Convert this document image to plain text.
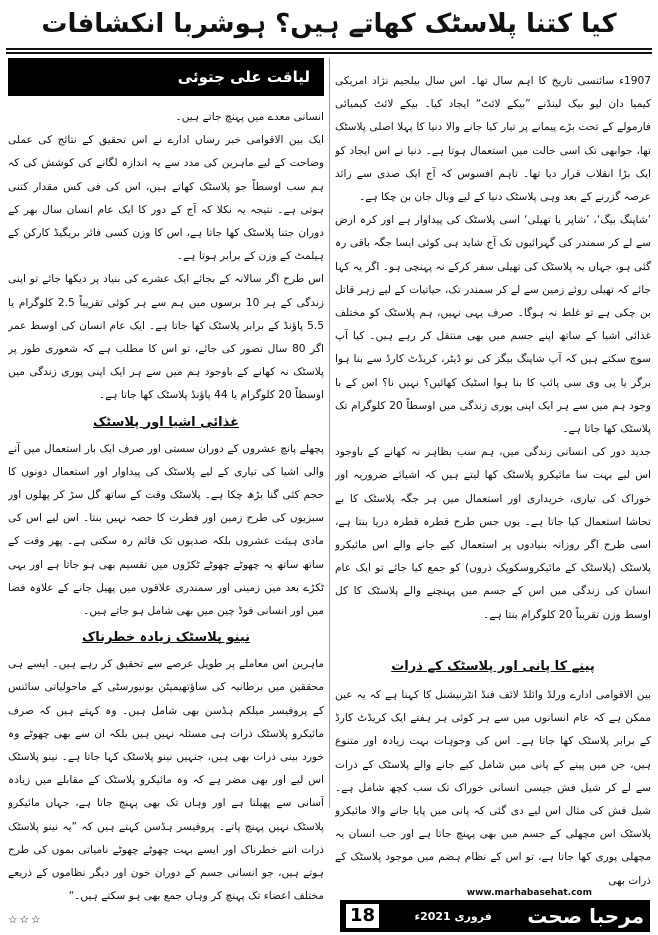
کیا کتنا پلاسٹک کھاتے ہیں؟ ہوشربا انکشافات

1907ء سائنسی تاریخ کا اہم سال تھا۔ اس سال بیلجیم نژاد امریکی کیمیا دان لیو بیک لینڈنے ”بیکے لائٹ“ ایجاد کیا۔ بیکے لائٹ کیمیائی فارمولے کے تحت بڑے پیمانے پر تیار کیا جانے والا دنیا کا پہلا اصلی پلاسٹک تھا، جوابھی تک اسی حالت میں استعمال ہوتا ہے۔ دنیا نے اس ایجاد کو ایک بڑا انقلاب قرار دیا تھا۔ تاہم افسوس کہ آج ایک صدی سے زائد عرصہ گزرنے کے بعد وہی پلاسٹک دنیا کے لیے وبال جان بن چکا ہے۔

’شاپنگ بیگ‘، ’شاپر یا تھیلی‘ اسی پلاسٹک کی پیداوار ہے اور کرہ ارض سے لے کر سمندر کی گہرائیوں تک آج شاید ہی کوئی ایسا جگہ باقی رہ گئی ہو، جہاں یہ پلاسٹک کی تھیلی سفر کرکے نہ پہنچی ہو۔ اگر یہ کہا جائے کہ تھیلی روئے زمین سے لے کر سمندر تک، حیاتیات کے لیے زہر قاتل بن چکی ہے تو غلط نہ ہوگا۔ صرف یہی نہیں، ہم پلاسٹک کو مختلف غذائی اشیا کے ساتھ اپنے جسم میں بھی منتقل کر رہے ہیں۔ کیا آپ سوچ سکتے ہیں کہ آپ شاپنگ بیگز کی نو ڈیٹر، کریڈٹ کارڈ سے بنا ہوا برگر یا پی وی سی پائپ کا بنا ہوا اسٹیک کھائیں؟ نہیں نا؟ اس کے با وجود ہم میں سے ہر ایک اپنی پوری زندگی میں اوسطاً 20 کلوگرام تک پلاسٹک کھا جاتا ہے۔

جدید دور کی انسانی زندگی میں، ہم سب بظاہر نہ کھانے کے باوجود اس لیے بہت سا مائیکرو پلاسٹک کھا لیتے ہیں کہ اشیائے ضروریہ اور خوراک کی تیاری، خریداری اور استعمال میں ہر جگہ پلاسٹک کا بے تحاشا استعمال کیا جاتا ہے۔ یوں جس طرح قطرہ قطرہ دریا بنتا ہے، اسی طرح اگر روزانہ بنیادوں پر استعمال کیے جانے والے اس مائیکرو پلاسٹک (پلاسٹک کے مائیکروسکوپک ذروں) کو جمع کیا جائے تو ایک عام انسان کی زندگی میں اس کے جسم میں پہنچنے والے پلاسٹک کا کل اوسط وزن تقریباً 20 کلوگرام بنتا ہے۔

پینے کا پانی اور پلاسٹک کے ذرات

بین الاقوامی ادارے ورلڈ وائلڈ لائف فنڈ انٹرنیشنل کا کہنا ہے کہ یہ عین ممکن ہے کہ عام انسانوں میں سے ہر کوئی ہر ہفتے ایک کریڈٹ کارڈ کے برابر پلاسٹک کھا جاتا ہے۔ اس کی وجوہات بہت زیادہ اور متنوع ہیں، جن میں پینے کے پانی میں شامل کیے جانے والے پلاسٹک کے ذرات سے لے کر شیل فش جیسی انسانی خوراک تک سب کچھ شامل ہے۔ شیل فش کی مثال اس لیے دی گئی کہ پانی میں پایا جانے والا مائیکرو پلاسٹک اس مچھلی کے جسم میں بھی پہنچ جاتا ہے اور جب انسان یہ مچھلی پوری کھا جاتا ہے، تو اس کے نظام ہضم میں موجود پلاسٹک کے ذرات بھی

لیاقت علی جتوئی

انسانی معدے میں پہنچ جاتے ہیں۔

ایک بین الاقوامی خبر رساں ادارے نے اس تحقیق کے نتائج کی عملی وضاحت کے لیے ماہرین کی مدد سے یہ اندازہ لگانے کی کوشش کی کہ ہم سب اوسطاً جو پلاسٹک کھاتے ہیں، اس کی فی کس مقدار کتنی ہوتی ہے۔ نتیجہ یہ نکلا کہ آج کے دور کا ایک عام انسان سال بھر کے دوران جتنا پلاسٹک کھا جاتا ہے، اس کا وزن کسی فائر بریگیڈ کارکن کے ہیلمٹ کے وزن کے برابر ہوتا ہے۔

اس طرح اگر سالانہ کے بجائے ایک عشرے کی بنیاد پر دیکھا جائے تو اپنی زندگی کے ہر 10 برسوں میں ہم سے ہر کوئی تقریباً 2.5 کلوگرام یا 5.5 پاؤنڈ کے برابر پلاسٹک کھا جاتا ہے۔ ایک عام انسان کی اوسط عمر اگر 80 سال تصور کی جائے، تو اس کا مطلب ہے کہ شعوری طور پر پلاسٹک نہ کھانے کے باوجود ہم میں سے ہر ایک اپنی پوری زندگی میں اوسطاً 20 کلوگرام یا 44 پاؤنڈ پلاسٹک کھا جاتا ہے۔

غذائی اشیا اور پلاسٹک

پچھلے پانچ عشروں کے دوران سستی اور صرف ایک بار استعمال میں آنے والی اشیا کی تیاری کے لیے پلاسٹک کی پیداوار اور استعمال دونوں کا حجم کئی گنا بڑھ چکا ہے۔ پلاسٹک وقت کے ساتھ گل سڑ کر پھلوں اور سبزیوں کی طرح زمین اور فطرت کا حصہ نہیں بنتا۔ اس لیے اس کی مادی ہیئت عشروں بلکہ صدیوں تک قائم رہ سکتی ہے۔ پھر وقت کے ساتھ ساتھ یہ چھوٹے چھوٹے ٹکڑوں میں تقسیم بھی ہو جاتا ہے اور یہی ٹکڑے بعد میں زمینی اور سمندری علاقوں میں پھیل جانے کے علاوہ فضا میں اور انسانی فوڈ چین میں بھی شامل ہو جاتے ہیں۔

نینو پلاسٹک زیادہ خطرناک

ماہرین اس معاملے پر طویل عرصے سے تحقیق کر رہے ہیں۔ ایسے ہی محققین میں برطانیہ کی ساؤتھیمپٹن یونیورسٹی کے ماحولیاتی سائنس کے پروفیسر میلکم ہڈسن بھی شامل ہیں۔ وہ کہتے ہیں کہ صرف مائیکرو پلاسٹک ذرات ہی مسئلہ نہیں ہیں بلکہ ان سے بھی چھوٹے وہ خورد بینی ذرات بھی ہیں، جنہیں نینو پلاسٹک کہا جاتا ہے۔ نینو پلاسٹک اس لیے اور بھی مضر ہے کہ وہ مائیکرو پلاسٹک کے مقابلے میں زیادہ آسانی سے پھیلتا ہے اور وہاں تک بھی پہنچ جاتا ہے، جہاں مائیکرو پلاسٹک نہیں پہنچ پاتے۔ پروفیسر ہڈسن کہتے ہیں کہ ”یہ نینو پلاسٹک ذرات اتنے خطرناک اور ایسے بہت چھوٹے چھوٹے نامیاتی بموں کی طرح ہوتے ہیں، جو انسانی جسم کے دوران خون اور دیگر نظاموں کے ذریعے مختلف اعضاء تک پہنچ کر وہاں جمع بھی ہو سکتے ہیں۔“

☆☆☆

www.marhabasehat.com
18	فروری 2021ء مرحبا صحت
